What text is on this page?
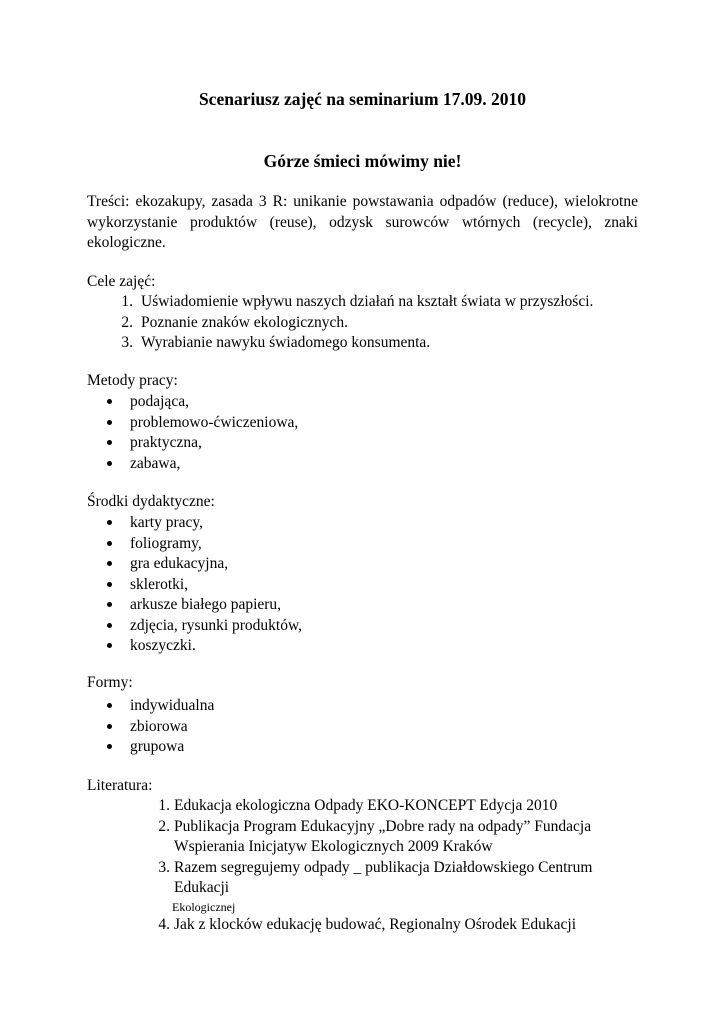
Scenariusz zajęć na seminarium 17.09. 2010
Górze śmieci mówimy nie!

Treści: ekozakupy, zasada 3 R: unikanie powstawania odpadów (reduce), wielokrotne wykorzystanie produktów (reuse), odzysk surowców wtórnych (recycle), znaki ekologiczne.

Cele zajęć:

1. Uświadomienie wpływu naszych działań na kształt świata w przyszłości.
2. Poznanie znaków ekologicznych.
3. Wyrabianie nawyku świadomego konsumenta.

Metody pracy:

podająca,
problemowo-ćwiczeniowa,
praktyczna,
zabawa,

Środki dydaktyczne:

karty pracy,
foliogramy,
gra edukacyjna,
sklerotki,
arkusze białego papieru,
zdjęcia, rysunki produktów,
koszyczki.

Formy:

indywidualna
zbiorowa
grupowa

Literatura:

1. Edukacja ekologiczna Odpady EKO-KONCEPT Edycja 2010
2. Publikacja Program Edukacyjny „Dobre rady na odpady” Fundacja Wspierania Inicjatyw Ekologicznych 2009 Kraków
3. Razem segregujemy odpady _ publikacja Działdowskiego Centrum Edukacji
Ekologicznej
4. Jak z klocków edukację budować, Regionalny Ośrodek Edukacji
